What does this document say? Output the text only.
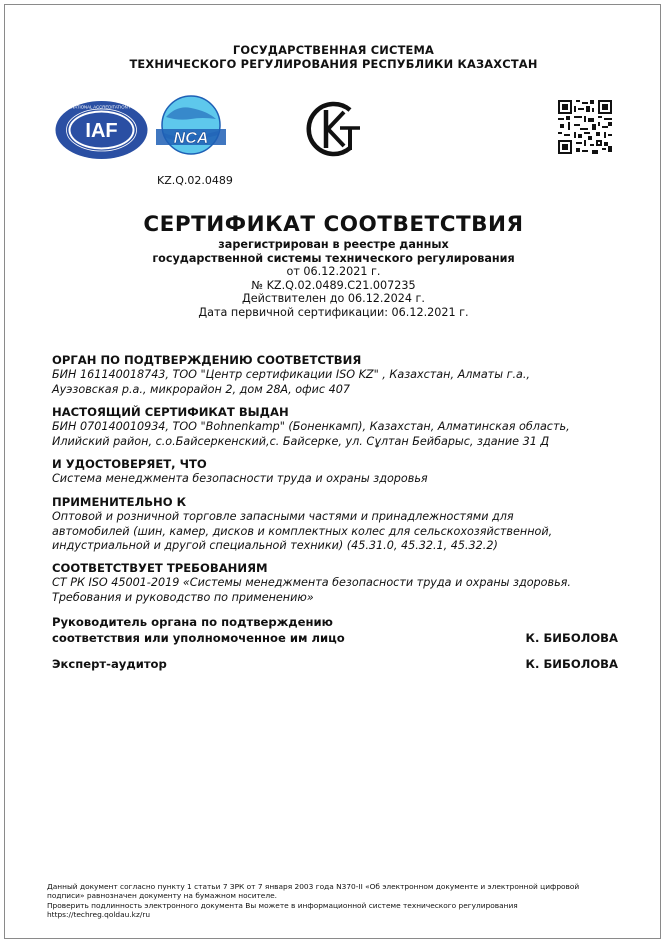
ГОСУДАРСТВЕННАЯ СИСТЕМА
ТЕХНИЧЕСКОГО РЕГУЛИРОВАНИЯ РЕСПУБЛИКИ КАЗАХСТАН
IAF
INTERNATIONAL ACCREDITATION FORUM
NCA
KZ.Q.02.0489
СЕРТИФИКАТ СООТВЕТСТВИЯ
зарегистрирован в реестре данных
государственной системы технического регулирования
от 06.12.2021 г.
№ KZ.Q.02.0489.C21.007235
Действителен до 06.12.2024 г.
Дата первичной сертификации: 06.12.2021 г.
ОРГАН ПО ПОДТВЕРЖДЕНИЮ СООТВЕТСТВИЯ
БИН 161140018743, ТОО "Центр сертификации ISO KZ" , Казахстан, Алматы г.а.,
Ауэзовская р.а., микрорайон 2, дом 28А, офис 407
НАСТОЯЩИЙ СЕРТИФИКАТ ВЫДАН
БИН 070140010934, ТОО "Bohnenkamp" (Боненкамп), Казахстан, Алматинская область,
Илийский район, с.о.Байсеркенский,с. Байсерке, ул. Сұлтан Бейбарыс, здание 31 Д
И УДОСТОВЕРЯЕТ, ЧТО
Система менеджмента безопасности труда и охраны здоровья
ПРИМЕНИТЕЛЬНО К
Оптовой и розничной торговле запасными частями и принадлежностями для
автомобилей (шин, камер, дисков и комплектных колес для сельскохозяйственной,
индустриальной и другой специальной техники) (45.31.0, 45.32.1, 45.32.2)
СООТВЕТСТВУЕТ ТРЕБОВАНИЯМ
СТ РК ISO 45001-2019 «Системы менеджмента безопасности труда и охраны здоровья.
Требования и руководство по применению»
Руководитель органа по подтверждению
соответствия или уполномоченное им лицо	К. БИБОЛОВА
Эксперт-аудитор	К. БИБОЛОВА
Данный документ согласно пункту 1 статьи 7 ЗРК от 7 января 2003 года N370-II «Об электронном документе и электронной цифровой
подписи» равнозначен документу на бумажном носителе.
Проверить подлинность электронного документа Вы можете в информационной системе технического регулирования
https://techreg.qoldau.kz/ru
